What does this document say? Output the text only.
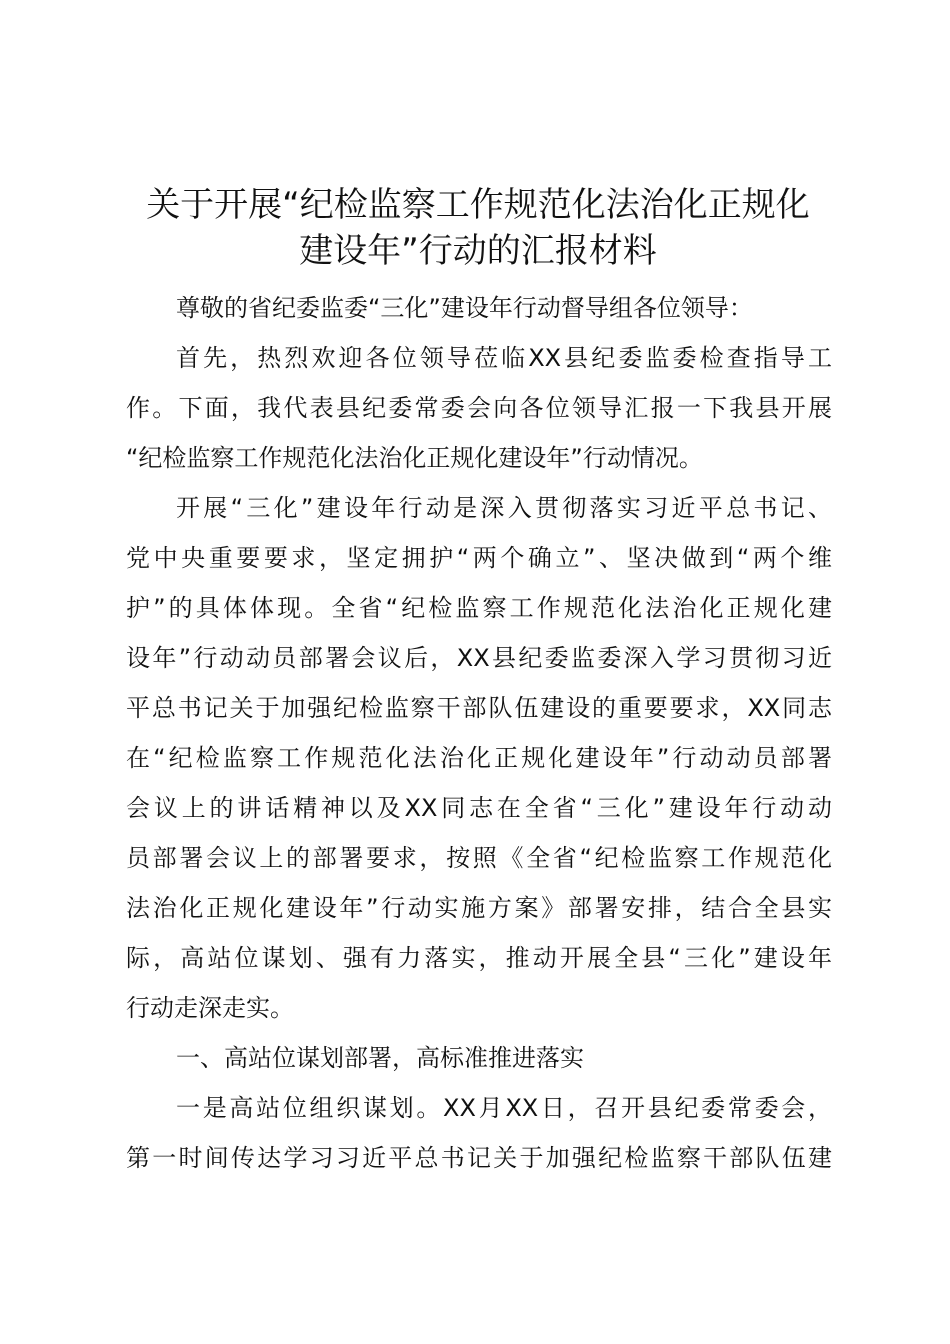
关于开展“纪检监察工作规范化法治化正规化
建设年”行动的汇报材料

尊敬的省纪委监委“三化”建设年行动督导组各位领导：

首先，热烈欢迎各位领导莅临XX县纪委监委检查指导工
作。下面，我代表县纪委常委会向各位领导汇报一下我县开展
“纪检监察工作规范化法治化正规化建设年”行动情况。

开展“三化”建设年行动是深入贯彻落实习近平总书记、
党中央重要要求，坚定拥护“两个确立”、坚决做到“两个维
护”的具体体现。全省“纪检监察工作规范化法治化正规化建
设年”行动动员部署会议后，XX县纪委监委深入学习贯彻习近
平总书记关于加强纪检监察干部队伍建设的重要要求，XX同志
在“纪检监察工作规范化法治化正规化建设年”行动动员部署
会议上的讲话精神以及XX同志在全省“三化”建设年行动动
员部署会议上的部署要求，按照《全省“纪检监察工作规范化
法治化正规化建设年”行动实施方案》部署安排，结合全县实
际，高站位谋划、强有力落实，推动开展全县“三化”建设年
行动走深走实。

一、高站位谋划部署，高标准推进落实

一是高站位组织谋划。XX月XX日，召开县纪委常委会，
第一时间传达学习习近平总书记关于加强纪检监察干部队伍建
